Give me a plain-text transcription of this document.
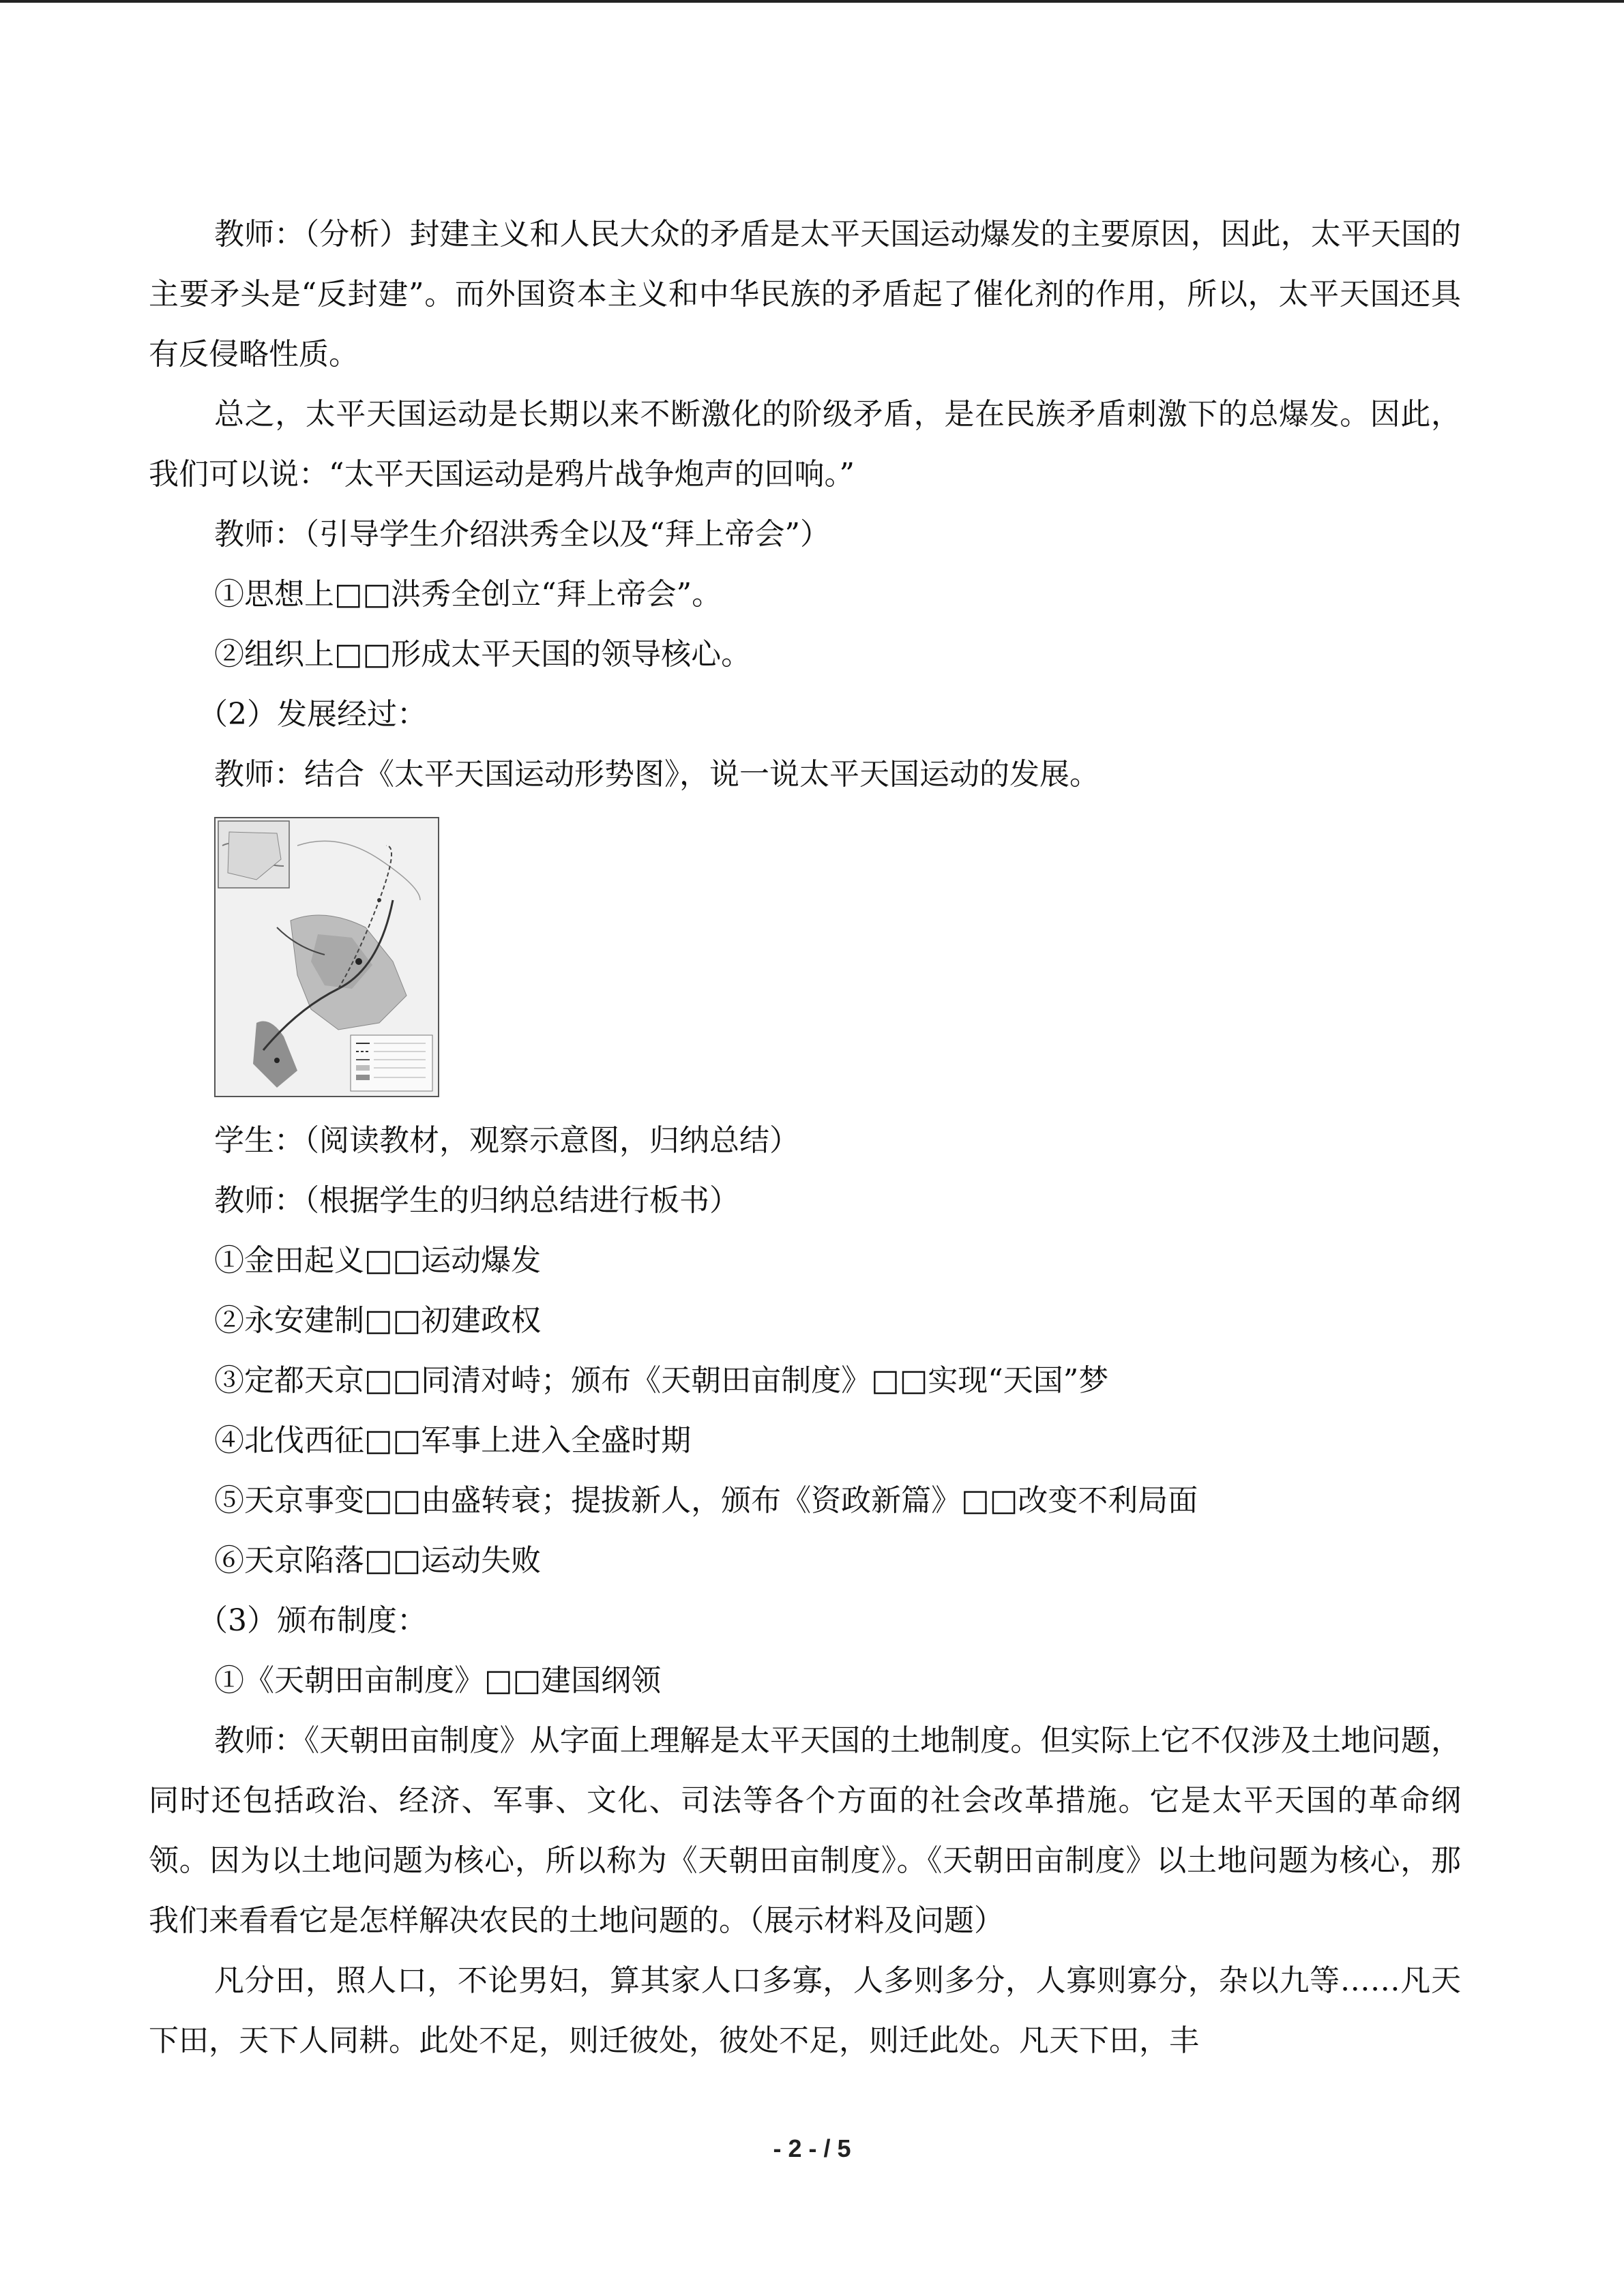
教师：（分析）封建主义和人民大众的矛盾是太平天国运动爆发的主要原因，因此，太平天国的主要矛头是“反封建”。而外国资本主义和中华民族的矛盾起了催化剂的作用，所以，太平天国还具有反侵略性质。

总之，太平天国运动是长期以来不断激化的阶级矛盾，是在民族矛盾刺激下的总爆发。因此，我们可以说：“太平天国运动是鸦片战争炮声的回响。”

教师：（引导学生介绍洪秀全以及“拜上帝会”）

①思想上□□洪秀全创立“拜上帝会”。

②组织上□□形成太平天国的领导核心。

（2）发展经过：

教师：结合《太平天国运动形势图》，说一说太平天国运动的发展。

学生：（阅读教材，观察示意图，归纳总结）

教师：（根据学生的归纳总结进行板书）

①金田起义□□运动爆发

②永安建制□□初建政权

③定都天京□□同清对峙；颁布《天朝田亩制度》□□实现“天国”梦

④北伐西征□□军事上进入全盛时期

⑤天京事变□□由盛转衰；提拔新人，颁布《资政新篇》□□改变不利局面

⑥天京陷落□□运动失败

（3）颁布制度：

①《天朝田亩制度》□□建国纲领

教师：《天朝田亩制度》从字面上理解是太平天国的土地制度。但实际上它不仅涉及土地问题，同时还包括政治、经济、军事、文化、司法等各个方面的社会改革措施。它是太平天国的革命纲领。因为以土地问题为核心，所以称为《天朝田亩制度》。《天朝田亩制度》以土地问题为核心，那我们来看看它是怎样解决农民的土地问题的。（展示材料及问题）

凡分田，照人口，不论男妇，算其家人口多寡，人多则多分，人寡则寡分，杂以九等……凡天下田，天下人同耕。此处不足，则迁彼处，彼处不足，则迁此处。凡天下田，丰

- 2 - / 5
